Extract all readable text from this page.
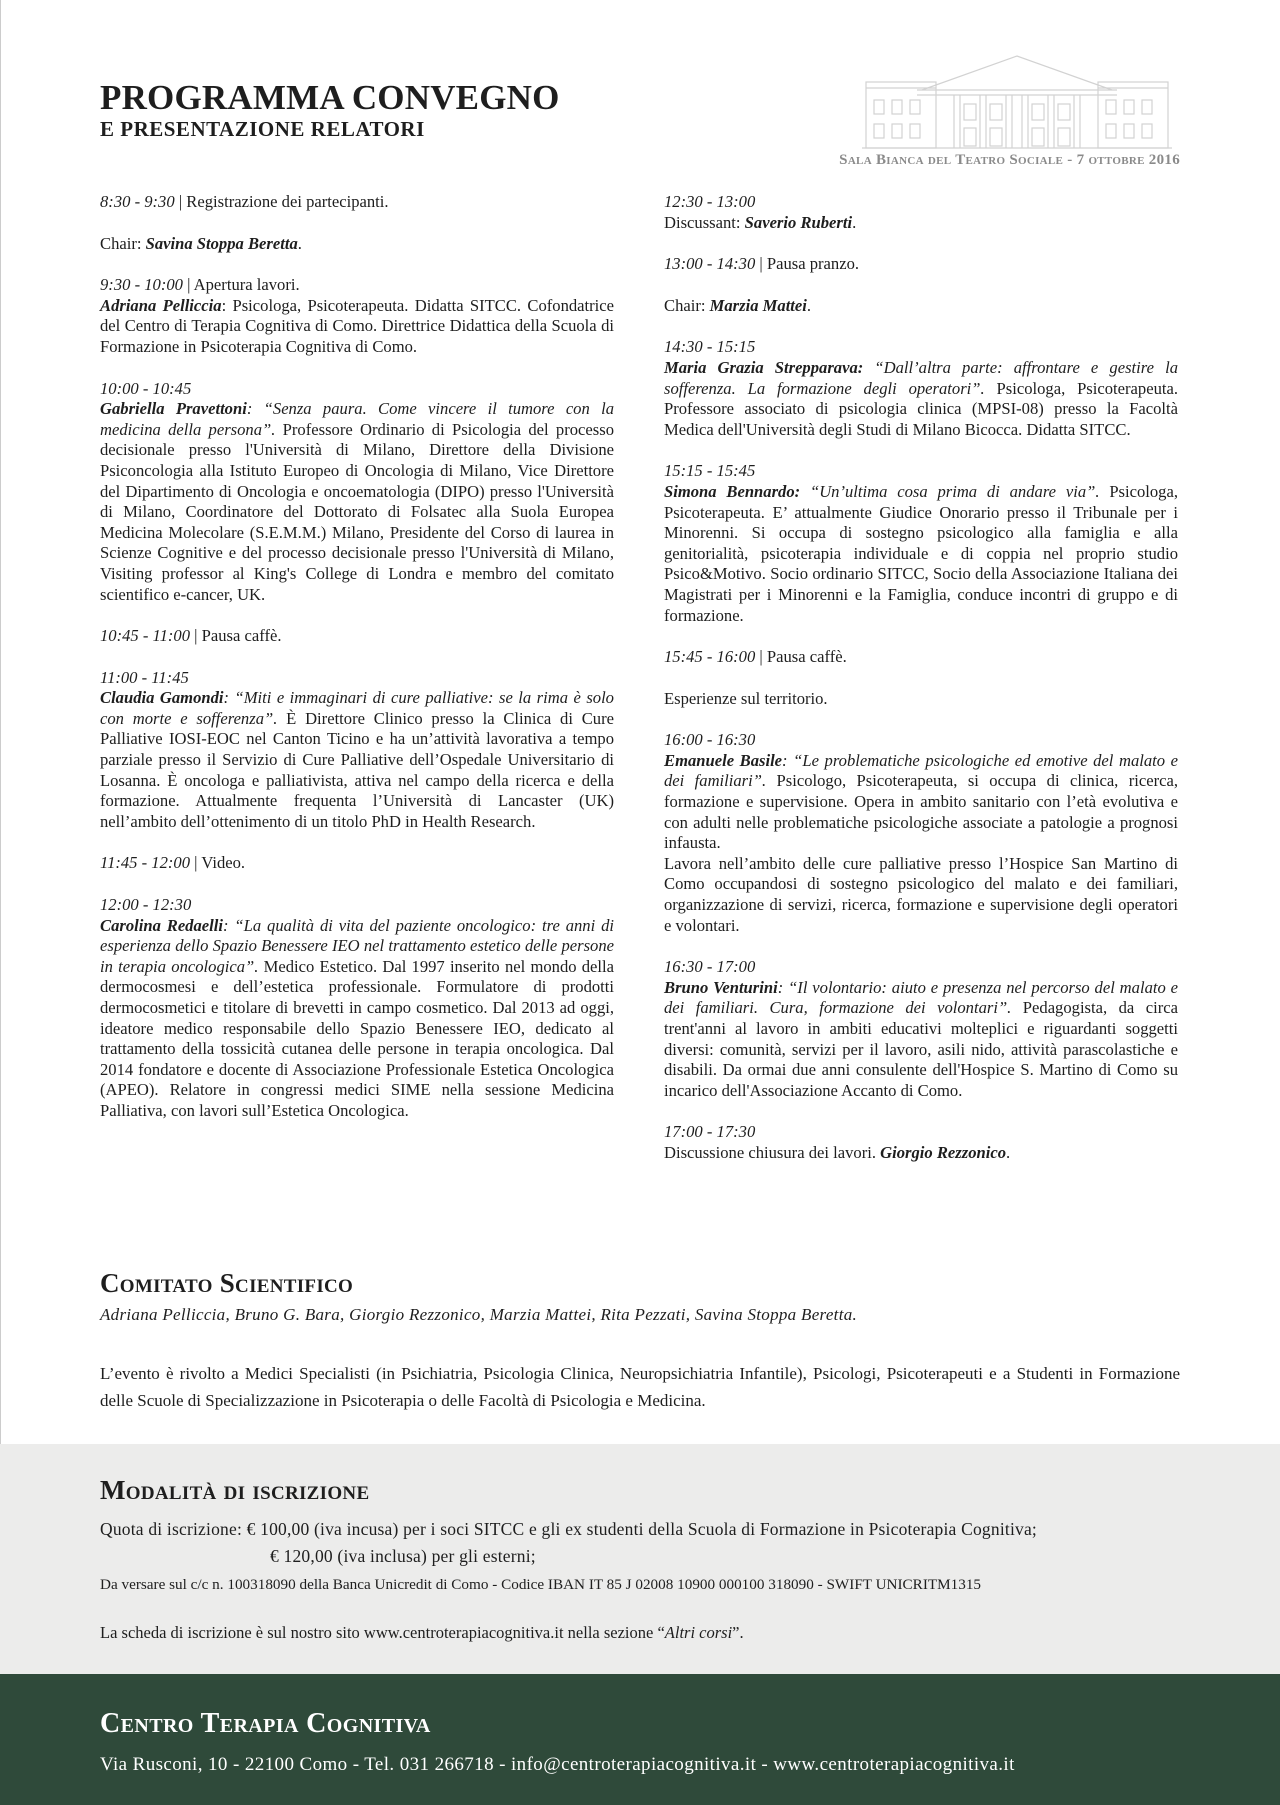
PROGRAMMA CONVEGNO
E PRESENTAZIONE RELATORI
Sala Bianca del Teatro Sociale - 7 ottobre 2016
8:30 - 9:30 | Registrazione dei partecipanti.
Chair: Savina Stoppa Beretta.

9:30 - 10:00 | Apertura lavori.

Adriana Pelliccia: Psicologa, Psicoterapeuta. Didatta SITCC. Cofondatrice del Centro di Terapia Cognitiva di Como. Direttrice Didattica della Scuola di Formazione in Psicoterapia Cognitiva di Como.

10:00 - 10:45

Gabriella Pravettoni: “Senza paura. Come vincere il tumore con la medicina della persona”. Professore Ordinario di Psicologia del processo decisionale presso l'Università di Milano, Direttore della Divisione Psiconcologia alla Istituto Europeo di Oncologia di Milano, Vice Direttore del Dipartimento di Oncologia e oncoematologia (DIPO) presso l'Università di Milano, Coordinatore del Dottorato di Folsatec alla Suola Europea Medicina Molecolare (S.E.M.M.) Milano, Presidente del Corso di laurea in Scienze Cognitive e del processo decisionale presso l'Università di Milano, Visiting professor al King's College di Londra e membro del comitato scientifico e-cancer, UK.

10:45 - 11:00 | Pausa caffè.

11:00 - 11:45

Claudia Gamondi: “Miti e immaginari di cure palliative: se la rima è solo con morte e sofferenza”. È Direttore Clinico presso la Clinica di Cure Palliative IOSI-EOC nel Canton Ticino e ha un’attività lavorativa a tempo parziale presso il Servizio di Cure Palliative dell’Ospedale Universitario di Losanna. È oncologa e palliativista, attiva nel campo della ricerca e della formazione. Attualmente frequenta l’Università di Lancaster (UK) nell’ambito dell’ottenimento di un titolo PhD in Health Research.

11:45 - 12:00 | Video.

12:00 - 12:30

Carolina Redaelli: “La qualità di vita del paziente oncologico: tre anni di esperienza dello Spazio Benessere IEO nel trattamento estetico delle persone in terapia oncologica”. Medico Estetico. Dal 1997 inserito nel mondo della dermocosmesi e dell’estetica professionale. Formulatore di prodotti dermocosmetici e titolare di brevetti in campo cosmetico. Dal 2013 ad oggi, ideatore medico responsabile dello Spazio Benessere IEO, dedicato al trattamento della tossicità cutanea delle persone in terapia oncologica. Dal 2014 fondatore e docente di Associazione Professionale Estetica Oncologica (APEO). Relatore in congressi medici SIME nella sessione Medicina Palliativa, con lavori sull’Estetica Oncologica.

12:30 - 13:00

Discussant: Saverio Ruberti.

13:00 - 14:30 | Pausa pranzo.
Chair: Marzia Mattei.

14:30 - 15:15

Maria Grazia Strepparava: “Dall’altra parte: affrontare e gestire la sofferenza. La formazione degli operatori”. Psicologa, Psicoterapeuta. Professore associato di psicologia clinica (MPSI-08) presso la Facoltà Medica dell'Università degli Studi di Milano Bicocca. Didatta SITCC.

15:15 - 15:45

Simona Bennardo: “Un’ultima cosa prima di andare via”. Psicologa, Psicoterapeuta. E’ attualmente Giudice Onorario presso il Tribunale per i Minorenni. Si occupa di sostegno psicologico alla famiglia e alla genitorialità, psicoterapia individuale e di coppia nel proprio studio Psico&Motivo. Socio ordinario SITCC, Socio della Associazione Italiana dei Magistrati per i Minorenni e la Famiglia, conduce incontri di gruppo e di formazione.

15:45 - 16:00 | Pausa caffè.
Esperienze sul territorio.

16:00 - 16:30

Emanuele Basile: “Le problematiche psicologiche ed emotive del malato e dei familiari”. Psicologo, Psicoterapeuta, si occupa di clinica, ricerca, formazione e supervisione. Opera in ambito sanitario con l’età evolutiva e con adulti nelle problematiche psicologiche associate a patologie a prognosi infausta.

Lavora nell’ambito delle cure palliative presso l’Hospice San Martino di Como occupandosi di sostegno psicologico del malato e dei familiari, organizzazione di servizi, ricerca, formazione e supervisione degli operatori e volontari.

16:30 - 17:00

Bruno Venturini: “Il volontario: aiuto e presenza nel percorso del malato e dei familiari. Cura, formazione dei volontari”. Pedagogista, da circa trent'anni al lavoro in ambiti educativi molteplici e riguardanti soggetti diversi: comunità, servizi per il lavoro, asili nido, attività parascolastiche e disabili. Da ormai due anni consulente dell'Hospice S. Martino di Como su incarico dell'Associazione Accanto di Como.

17:00 - 17:30

Discussione chiusura dei lavori. Giorgio Rezzonico.

Comitato Scientifico

Adriana Pelliccia, Bruno G. Bara, Giorgio Rezzonico, Marzia Mattei, Rita Pezzati, Savina Stoppa Beretta.

L’evento è rivolto a Medici Specialisti (in Psichiatria, Psicologia Clinica, Neuropsichiatria Infantile), Psicologi, Psicoterapeuti e a Studenti in Formazione delle Scuole di Specializzazione in Psicoterapia o delle Facoltà di Psicologia e Medicina.

Modalità di iscrizione

Quota di iscrizione: € 100,00 (iva incusa) per i soci SITCC e gli ex studenti della Scuola di Formazione in Psicoterapia Cognitiva;

€ 120,00 (iva inclusa) per gli esterni;

Da versare sul c/c n. 100318090 della Banca Unicredit di Como - Codice IBAN IT 85 J 02008 10900 000100 318090 - SWIFT UNICRITM1315

La scheda di iscrizione è sul nostro sito www.centroterapiacognitiva.it nella sezione “Altri corsi”.

Centro Terapia Cognitiva

Via Rusconi, 10 - 22100 Como - Tel. 031 266718 - info@centroterapiacognitiva.it - www.centroterapiacognitiva.it
